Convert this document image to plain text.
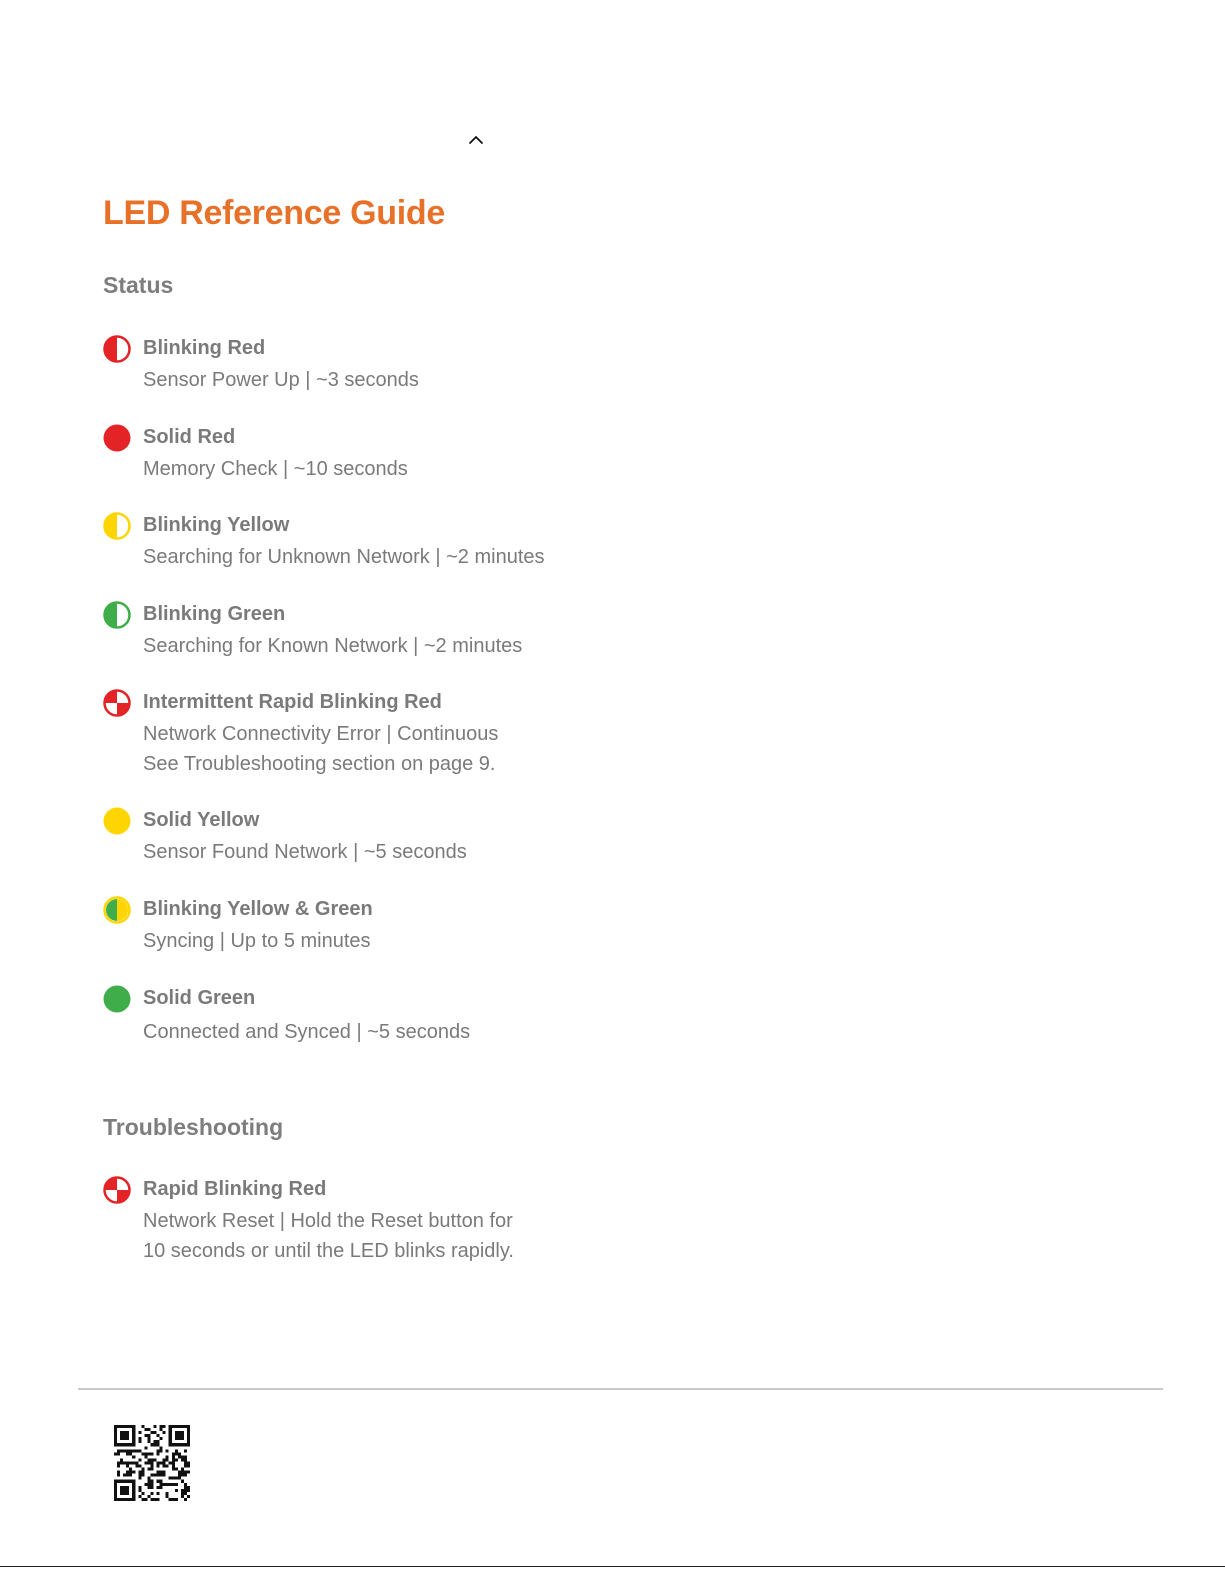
LED Reference Guide
Status
Blinking Red
Sensor Power Up | ~3 seconds
Solid Red
Memory Check | ~10 seconds
Blinking Yellow
Searching for Unknown Network | ~2 minutes
Blinking Green
Searching for Known Network | ~2 minutes
Intermittent Rapid Blinking Red
Network Connectivity Error | Continuous
See Troubleshooting section on page 9.
Solid Yellow
Sensor Found Network | ~5 seconds
Blinking Yellow & Green
Syncing | Up to 5 minutes
Solid Green
Connected and Synced | ~5 seconds
Troubleshooting
Rapid Blinking Red
Network Reset | Hold the Reset button for
10 seconds or until the LED blinks rapidly.
